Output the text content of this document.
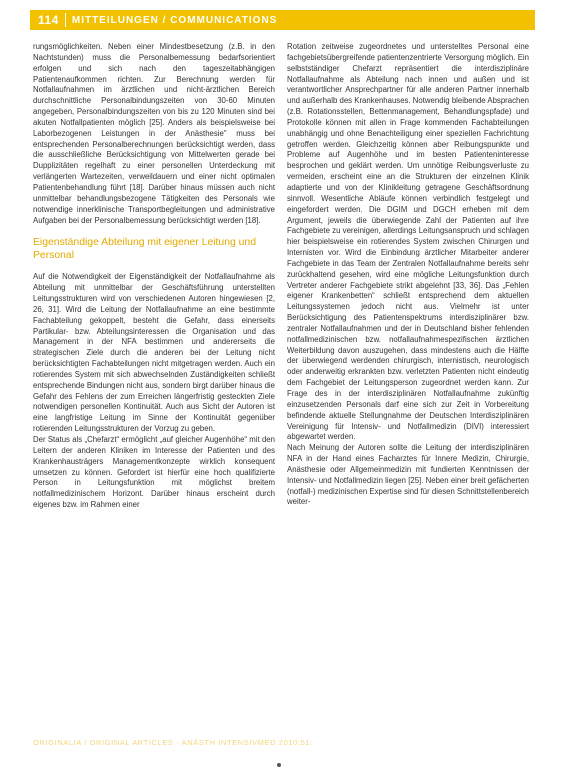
114	MITTEILUNGEN / COMMUNICATIONS

rungsmöglichkeiten. Neben einer Mindestbesetzung (z.B. in den Nachtstunden) muss die Personalbemessung bedarfsorientiert erfolgen und sich nach den tageszeitabhängigen Patientenaufkommen richten. Zur Berechnung werden für Notfallaufnahmen im ärztlichen und nicht-ärztlichen Bereich durchschnittliche Personalbindungszeiten von 30-60 Minuten angegeben, Personalbindungszeiten von bis zu 120 Minuten sind bei akuten Notfallpatienten möglich [25]. Anders als beispielsweise bei Laborbezogenen Leistungen in der Anästhesie" muss bei entsprechenden Personalberechnungen berücksichtigt werden, dass die ausschließliche Berücksichtigung von Mittelwerten gerade bei Dupplizitäten regelhaft zu einer personellen Unterdeckung mit verlängerten Wartezeiten, verweildauern und einer nicht optimalen Patientenbehandlung führt [18]. Darüber hinaus müssen auch nicht unmittelbar behandlungsbezogene Tätigkeiten des Personals wie notwendige innerklinische Transportbegleitungen und administrative Aufgaben bei der Personalbemessung berücksichtigt werden [18].

Eigenständige Abteilung mit eigener Leitung und Personal

Auf die Notwendigkeit der Eigenständigkeit der Notfallaufnahme als Abteilung mit unmittelbar der Geschäftsführung unterstellten Leitungsstrukturen wird von verschiedenen Autoren hingewiesen [2, 26, 31]. Wird die Leitung der Notfallaufnahme an eine bestimmte Fachabteilung gekoppelt, besteht die Gefahr, dass einerseits Partikular- bzw. Abteilungsinteressen die Organisation und das Management in der NFA bestimmen und andererseits die strategischen Ziele durch die anderen bei der Leitung nicht berücksichtigten Fachabteilungen nicht mitgetragen werden. Auch ein rotierendes System mit sich abwechselnden Zuständigkeiten schließt entsprechende Bindungen nicht aus, sondern birgt darüber hinaus die Gefahr des Fehlens der zum Erreichen längerfristig gesteckten Ziele notwendigen personellen Kontinuität. Auch aus Sicht der Autoren ist eine langfristige Leitung im Sinne der Kontinuität gegenüber rotierenden Leitungsstrukturen der Vorzug zu geben.

Der Status als „Chefarzt“ ermöglicht „auf gleicher Augenhöhe“ mit den Leitern der anderen Kliniken im Interesse der Patienten und des Krankenhausträgers Managementkonzepte wirklich konsequent umsetzen zu können. Gefordert ist hierfür eine hoch qualifizierte Person in Leitungsfunktion mit möglichst breitem notfallmedizinischem Horizont. Darüber hinaus erscheint durch eigenes bzw. im Rahmen einer

Rotation zeitweise zugeordnetes und unterstelltes Personal eine fachgebietsübergreifende patientenzentrierte Versorgung möglich. Ein selbstständiger Chefarzt repräsentiert die interdisziplinäre Notfallaufnahme als Abteilung nach innen und außen und ist verantwortlicher Ansprechpartner für alle anderen Partner innerhalb und außerhalb des Krankenhauses. Notwendig bleibende Absprachen (z.B. Rotationsstellen, Bettenmanagement, Behandlungspfade) und Protokolle können mit allen in Frage kommenden Fachabteilungen unabhängig und ohne Benachteiligung einer speziellen Fachrichtung getroffen werden. Gleichzeitig können aber Reibungspunkte und Probleme auf Augenhöhe und im besten Patienteninteresse besprochen und geklärt werden. Um unnötige Reibungsverluste zu vermeiden, erscheint eine an die Strukturen der einzelnen Klinik adaptierte und von der Klinikleitung getragene Geschäftsordnung sinnvoll. Wesentliche Abläufe können verbindlich festgelegt und eingefordert werden. Die DGIM und DGCH erheben mit dem Argument, jeweils die überwiegende Zahl der Patienten auf ihre Fachgebiete zu vereinigen, allerdings Leitungsanspruch und schlagen hier beispielsweise ein rotierendes System zwischen Chirurgen und Internisten vor. Wird die Einbindung ärztlicher Mitarbeiter anderer Fachgebiete in das Team der Zentralen Notfallaufnahme bereits sehr zurückhaltend gesehen, wird eine mögliche Leitungsfunktion durch Vertreter anderer Fachgebiete strikt abgelehnt [33, 36]. Das „Fehlen eigener Krankenbetten“ schließt entsprechend dem aktuellen Leitungssystemen jedoch nicht aus. Vielmehr ist unter Berücksichtigung des Patientenspektrums interdisziplinärer bzw. zentraler Notfallaufnahmen und der in Deutschland bisher fehlenden notfallmedizinischen bzw. notfallaufnahmespezifischen ärztlichen Weiterbildung davon auszugehen, dass mindestens auch die Hälfte der überwiegend werdenden chirurgisch, internistisch, neurologisch oder anderweitig erkrankten bzw. verletzten Patienten nicht eindeutig dem Fachgebiet der Leitungsperson zugeordnet werden kann. Zur Frage des in der interdisziplinären Notfallaufnahme zukünftig einzusetzenden Personals darf eine sich zur Zeit in Vorbereitung befindende aktuelle Stellungnahme der Deutschen Interdisziplinären Vereinigung für Intensiv- und Notfallmedizin (DIVI) interessiert abgewartet werden.

Nach Meinung der Autoren sollte die Leitung der interdisziplinären NFA in der Hand eines Facharztes für Innere Medizin, Chirurgie, Anästhesie oder Allgemeinmedizin mit fundierten Kenntnissen der Intensiv- und Notfallmedizin liegen [25]. Neben einer breit gefächerten (notfall-) medizinischen Expertise sind für diesen Schnittstellenbereich weiter-

ORIGINALIA / ORIGINAL ARTICLES · ANÄSTH INTENSIVMED 2010;51:
